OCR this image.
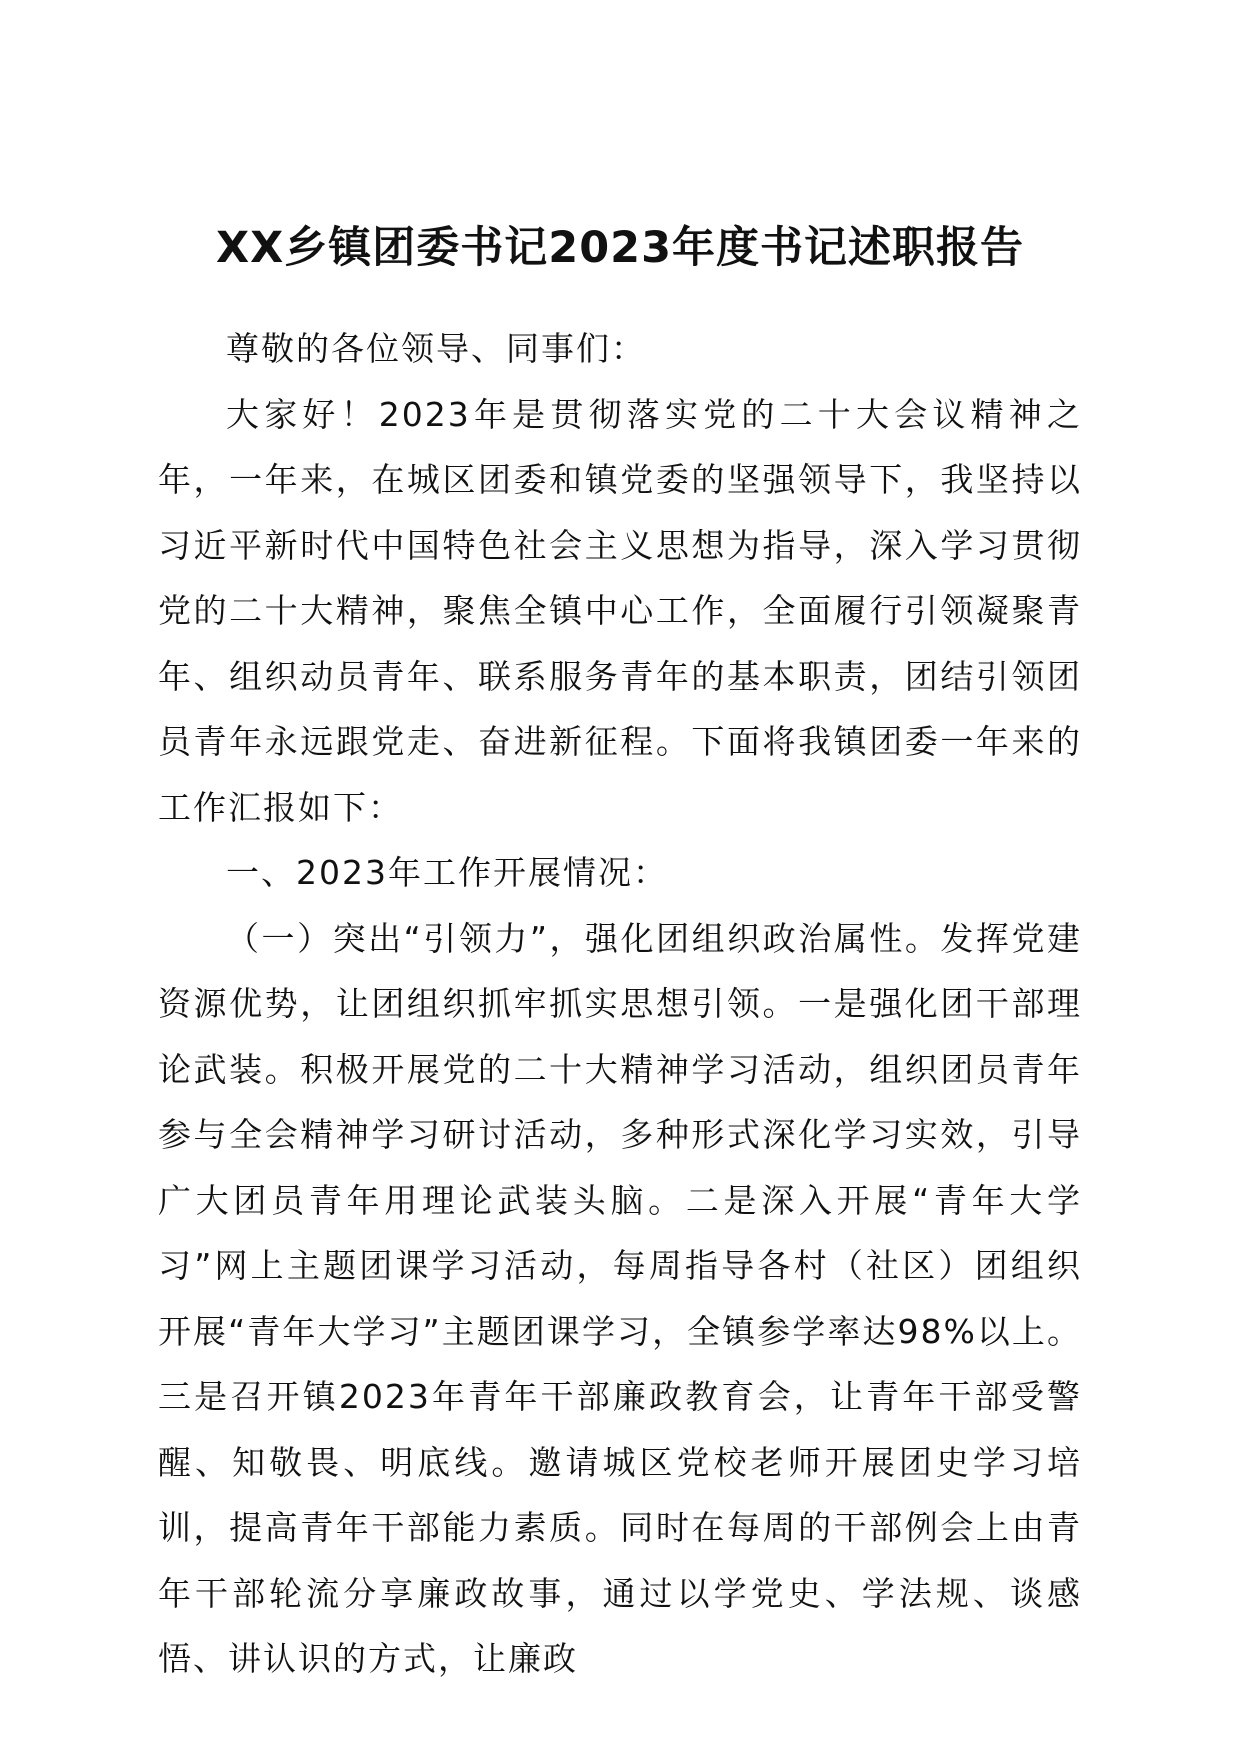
XX乡镇团委书记2023年度书记述职报告

尊敬的各位领导、同事们：

大家好！2023年是贯彻落实党的二十大会议精神之年，一年来，在城区团委和镇党委的坚强领导下，我坚持以习近平新时代中国特色社会主义思想为指导，深入学习贯彻党的二十大精神，聚焦全镇中心工作，全面履行引领凝聚青年、组织动员青年、联系服务青年的基本职责，团结引领团员青年永远跟党走、奋进新征程。下面将我镇团委一年来的工作汇报如下：

一、2023年工作开展情况：

（一）突出“引领力”，强化团组织政治属性。发挥党建资源优势，让团组织抓牢抓实思想引领。一是强化团干部理论武装。积极开展党的二十大精神学习活动，组织团员青年参与全会精神学习研讨活动，多种形式深化学习实效，引导广大团员青年用理论武装头脑。二是深入开展“青年大学习”网上主题团课学习活动，每周指导各村（社区）团组织开展“青年大学习”主题团课学习，全镇参学率达98%以上。三是召开镇2023年青年干部廉政教育会，让青年干部受警醒、知敬畏、明底线。邀请城区党校老师开展团史学习培训，提高青年干部能力素质。同时在每周的干部例会上由青年干部轮流分享廉政故事，通过以学党史、学法规、谈感悟、讲认识的方式，让廉政
